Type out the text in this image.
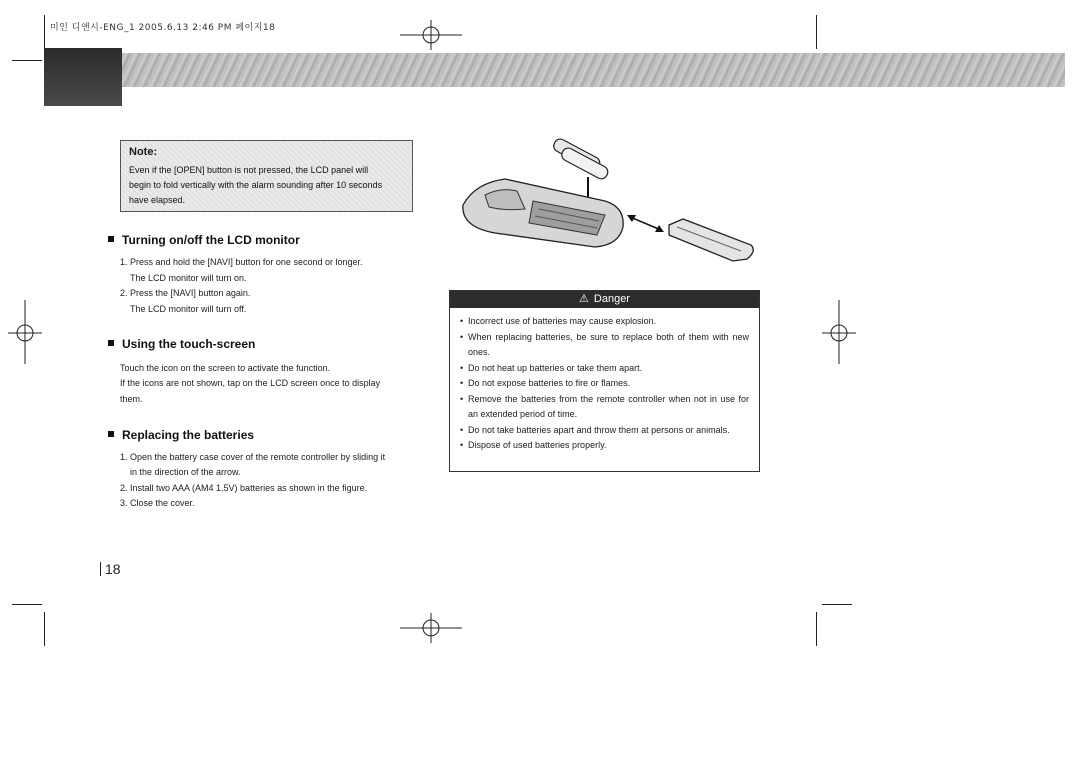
미인 디앤시-ENG_1 2005.6.13 2:46 PM 페이지18
Note:
Even if the [OPEN] button is not pressed, the LCD panel will
begin to fold vertically with the alarm sounding after 10 seconds
have elapsed.
Turning on/off the LCD monitor
1. Press and hold the [NAVI] button for one second or longer.
The LCD monitor will turn on.
2. Press the [NAVI] button again.
The LCD monitor will turn off.
Using the touch-screen
Touch the icon on the screen to activate the function.
If the icons are not shown, tap on the LCD screen once to display
them.
Replacing the batteries
1. Open the battery case cover of the remote controller by sliding it
in the direction of the arrow.
2. Install two AAA (AM4 1.5V) batteries as shown in the figure.
3. Close the cover.
⚠ Danger
• Incorrect use of batteries may cause explosion.
• When replacing batteries, be sure to replace both of them with new ones.
• Do not heat up batteries or take them apart.
• Do not expose batteries to fire or flames.
• Remove the batteries from the remote controller when not in use for an extended period of time.
• Do not take batteries apart and throw them at persons or animals.
• Dispose of used batteries properly.
18
